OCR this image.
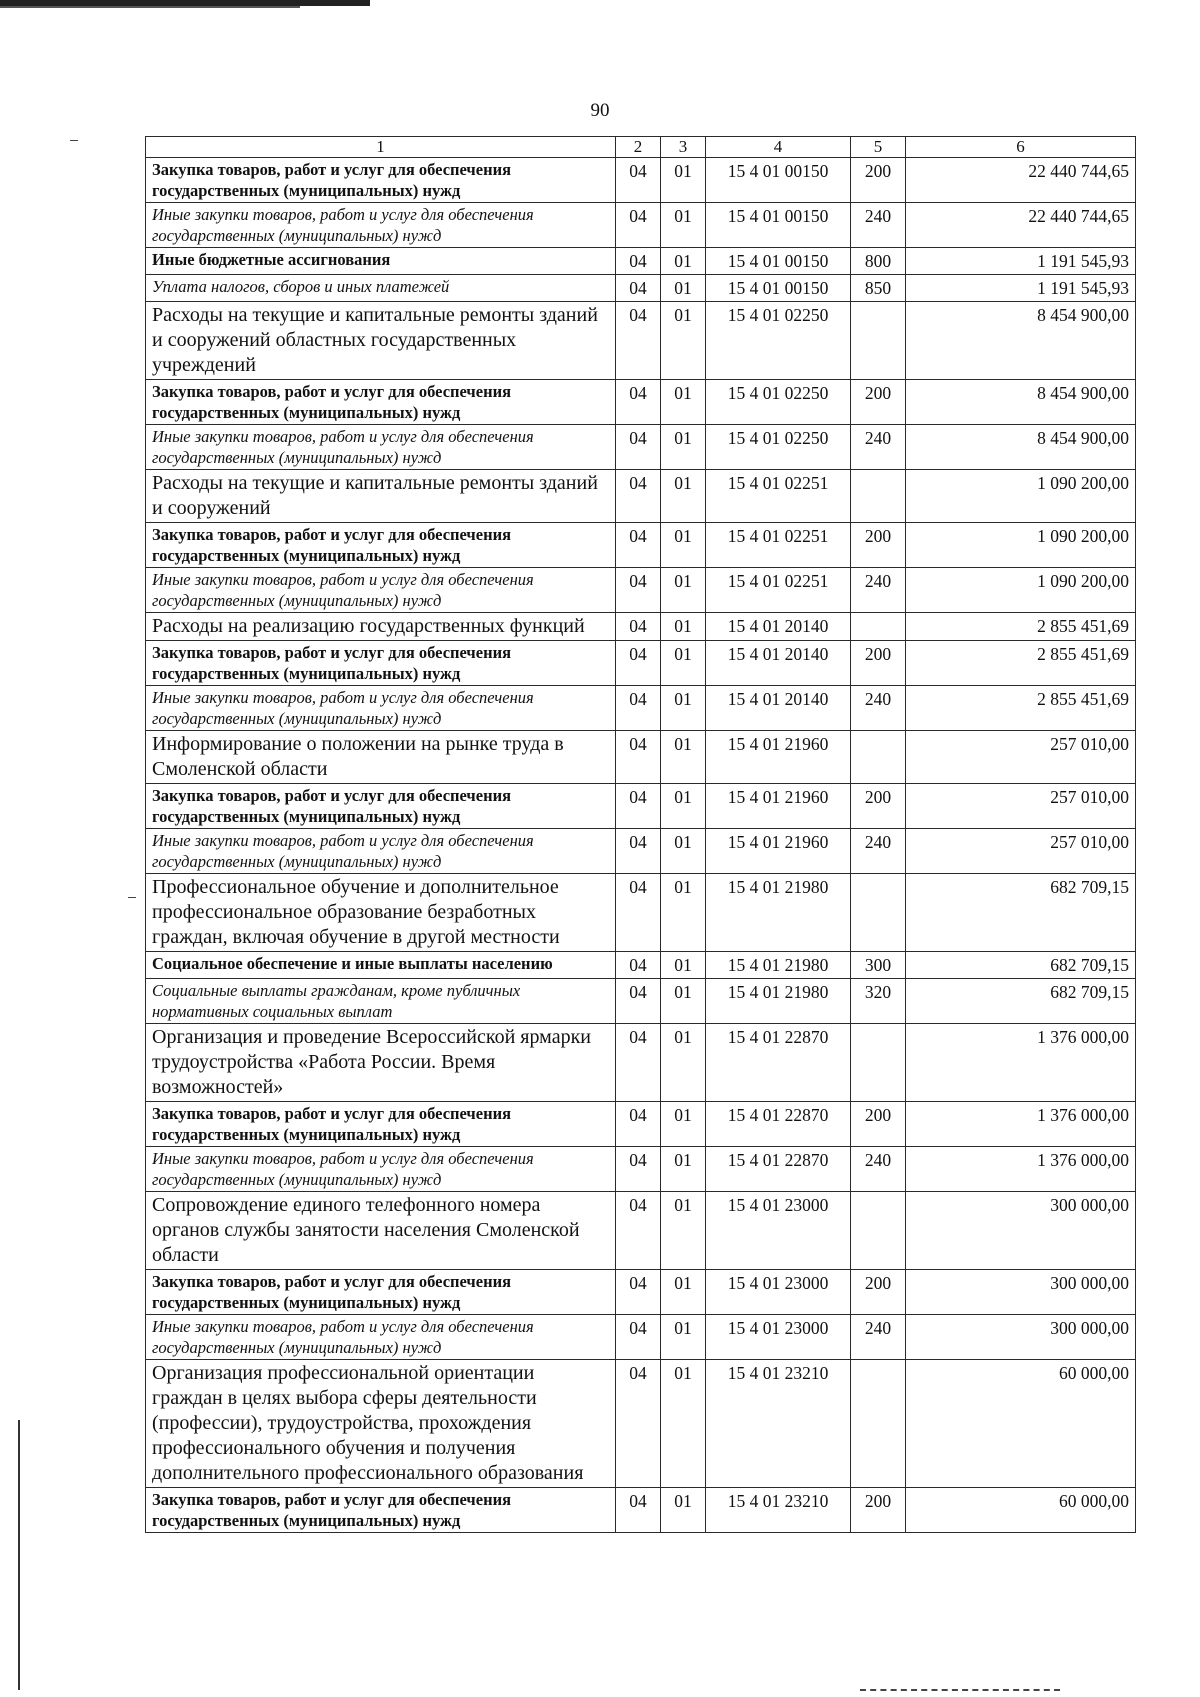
90
1	2	3	4	5	6
Закупка товаров, работ и услуг для обеспечения государственных (муниципальных) нужд	04	01	15 4 01 00150	200	22 440 744,65
Иные закупки товаров, работ и услуг для обеспечения государственных (муниципальных) нужд	04	01	15 4 01 00150	240	22 440 744,65
Иные бюджетные ассигнования	04	01	15 4 01 00150	800	1 191 545,93
Уплата налогов, сборов и иных платежей	04	01	15 4 01 00150	850	1 191 545,93
Расходы на текущие и капитальные ремонты зданий и сооружений областных государственных учреждений	04	01	15 4 01 02250		8 454 900,00
Закупка товаров, работ и услуг для обеспечения государственных (муниципальных) нужд	04	01	15 4 01 02250	200	8 454 900,00
Иные закупки товаров, работ и услуг для обеспечения государственных (муниципальных) нужд	04	01	15 4 01 02250	240	8 454 900,00
Расходы на текущие и капитальные ремонты зданий и сооружений	04	01	15 4 01 02251		1 090 200,00
Закупка товаров, работ и услуг для обеспечения государственных (муниципальных) нужд	04	01	15 4 01 02251	200	1 090 200,00
Иные закупки товаров, работ и услуг для обеспечения государственных (муниципальных) нужд	04	01	15 4 01 02251	240	1 090 200,00
Расходы на реализацию государственных функций	04	01	15 4 01 20140		2 855 451,69
Закупка товаров, работ и услуг для обеспечения государственных (муниципальных) нужд	04	01	15 4 01 20140	200	2 855 451,69
Иные закупки товаров, работ и услуг для обеспечения государственных (муниципальных) нужд	04	01	15 4 01 20140	240	2 855 451,69
Информирование о положении на рынке труда в Смоленской области	04	01	15 4 01 21960		257 010,00
Закупка товаров, работ и услуг для обеспечения государственных (муниципальных) нужд	04	01	15 4 01 21960	200	257 010,00
Иные закупки товаров, работ и услуг для обеспечения государственных (муниципальных) нужд	04	01	15 4 01 21960	240	257 010,00
Профессиональное обучение и дополнительное профессиональное образование безработных граждан, включая обучение в другой местности	04	01	15 4 01 21980		682 709,15
Социальное обеспечение и иные выплаты населению	04	01	15 4 01 21980	300	682 709,15
Социальные выплаты гражданам, кроме публичных нормативных социальных выплат	04	01	15 4 01 21980	320	682 709,15
Организация и проведение Всероссийской ярмарки трудоустройства «Работа России. Время возможностей»	04	01	15 4 01 22870		1 376 000,00
Закупка товаров, работ и услуг для обеспечения государственных (муниципальных) нужд	04	01	15 4 01 22870	200	1 376 000,00
Иные закупки товаров, работ и услуг для обеспечения государственных (муниципальных) нужд	04	01	15 4 01 22870	240	1 376 000,00
Сопровождение единого телефонного номера органов службы занятости населения Смоленской области	04	01	15 4 01 23000		300 000,00
Закупка товаров, работ и услуг для обеспечения государственных (муниципальных) нужд	04	01	15 4 01 23000	200	300 000,00
Иные закупки товаров, работ и услуг для обеспечения государственных (муниципальных) нужд	04	01	15 4 01 23000	240	300 000,00
Организация профессиональной ориентации граждан в целях выбора сферы деятельности (профессии), трудоустройства, прохождения профессионального обучения и получения дополнительного профессионального образования	04	01	15 4 01 23210		60 000,00
Закупка товаров, работ и услуг для обеспечения государственных (муниципальных) нужд	04	01	15 4 01 23210	200	60 000,00
